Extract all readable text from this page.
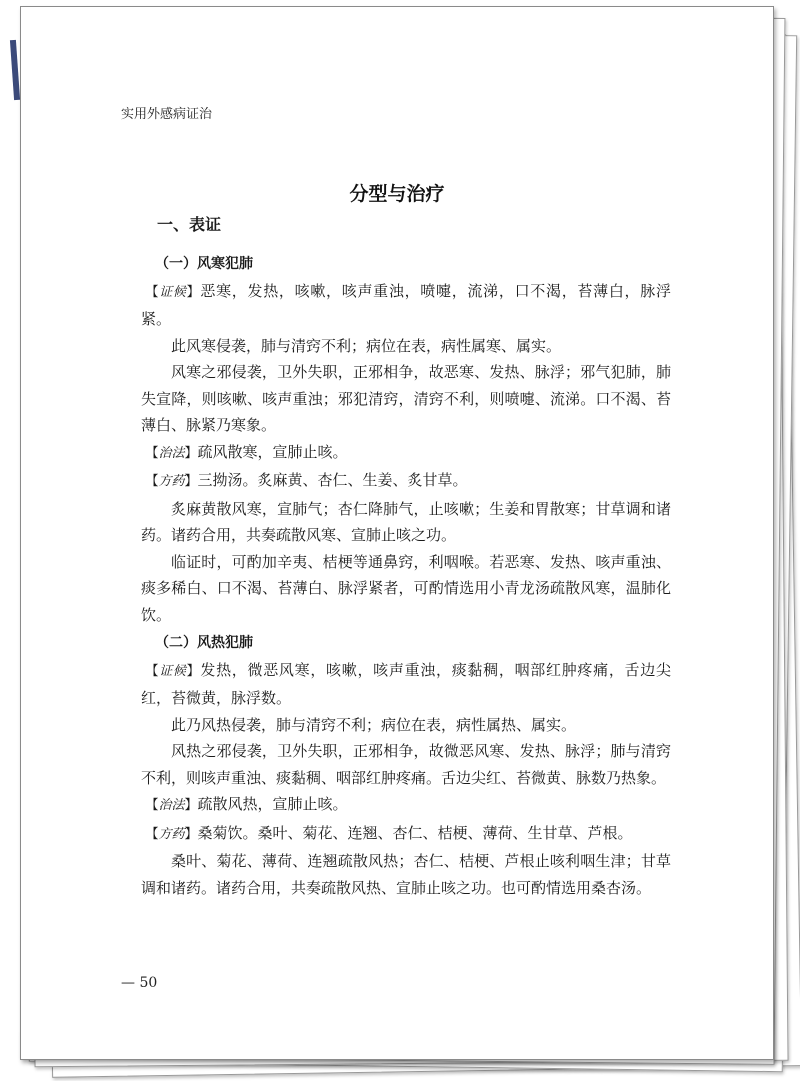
实用外感病证治
分型与治疗
一、表证
（一）风寒犯肺

【证候】恶寒，发热，咳嗽，咳声重浊，喷嚏，流涕，口不渴，苔薄白，脉浮紧。

此风寒侵袭，肺与清窍不利；病位在表，病性属寒、属实。

风寒之邪侵袭，卫外失职，正邪相争，故恶寒、发热、脉浮；邪气犯肺，肺失宣降，则咳嗽、咳声重浊；邪犯清窍，清窍不利，则喷嚏、流涕。口不渴、苔薄白、脉紧乃寒象。

【治法】疏风散寒，宣肺止咳。

【方药】三拗汤。炙麻黄、杏仁、生姜、炙甘草。

炙麻黄散风寒，宣肺气；杏仁降肺气，止咳嗽；生姜和胃散寒；甘草调和诸药。诸药合用，共奏疏散风寒、宣肺止咳之功。

临证时，可酌加辛夷、桔梗等通鼻窍，利咽喉。若恶寒、发热、咳声重浊、痰多稀白、口不渴、苔薄白、脉浮紧者，可酌情选用小青龙汤疏散风寒，温肺化饮。

（二）风热犯肺

【证候】发热，微恶风寒，咳嗽，咳声重浊，痰黏稠，咽部红肿疼痛，舌边尖红，苔微黄，脉浮数。

此乃风热侵袭，肺与清窍不利；病位在表，病性属热、属实。

风热之邪侵袭，卫外失职，正邪相争，故微恶风寒、发热、脉浮；肺与清窍不利，则咳声重浊、痰黏稠、咽部红肿疼痛。舌边尖红、苔微黄、脉数乃热象。

【治法】疏散风热，宣肺止咳。

【方药】桑菊饮。桑叶、菊花、连翘、杏仁、桔梗、薄荷、生甘草、芦根。

桑叶、菊花、薄荷、连翘疏散风热；杏仁、桔梗、芦根止咳利咽生津；甘草调和诸药。诸药合用，共奏疏散风热、宣肺止咳之功。也可酌情选用桑杏汤。

— 50
